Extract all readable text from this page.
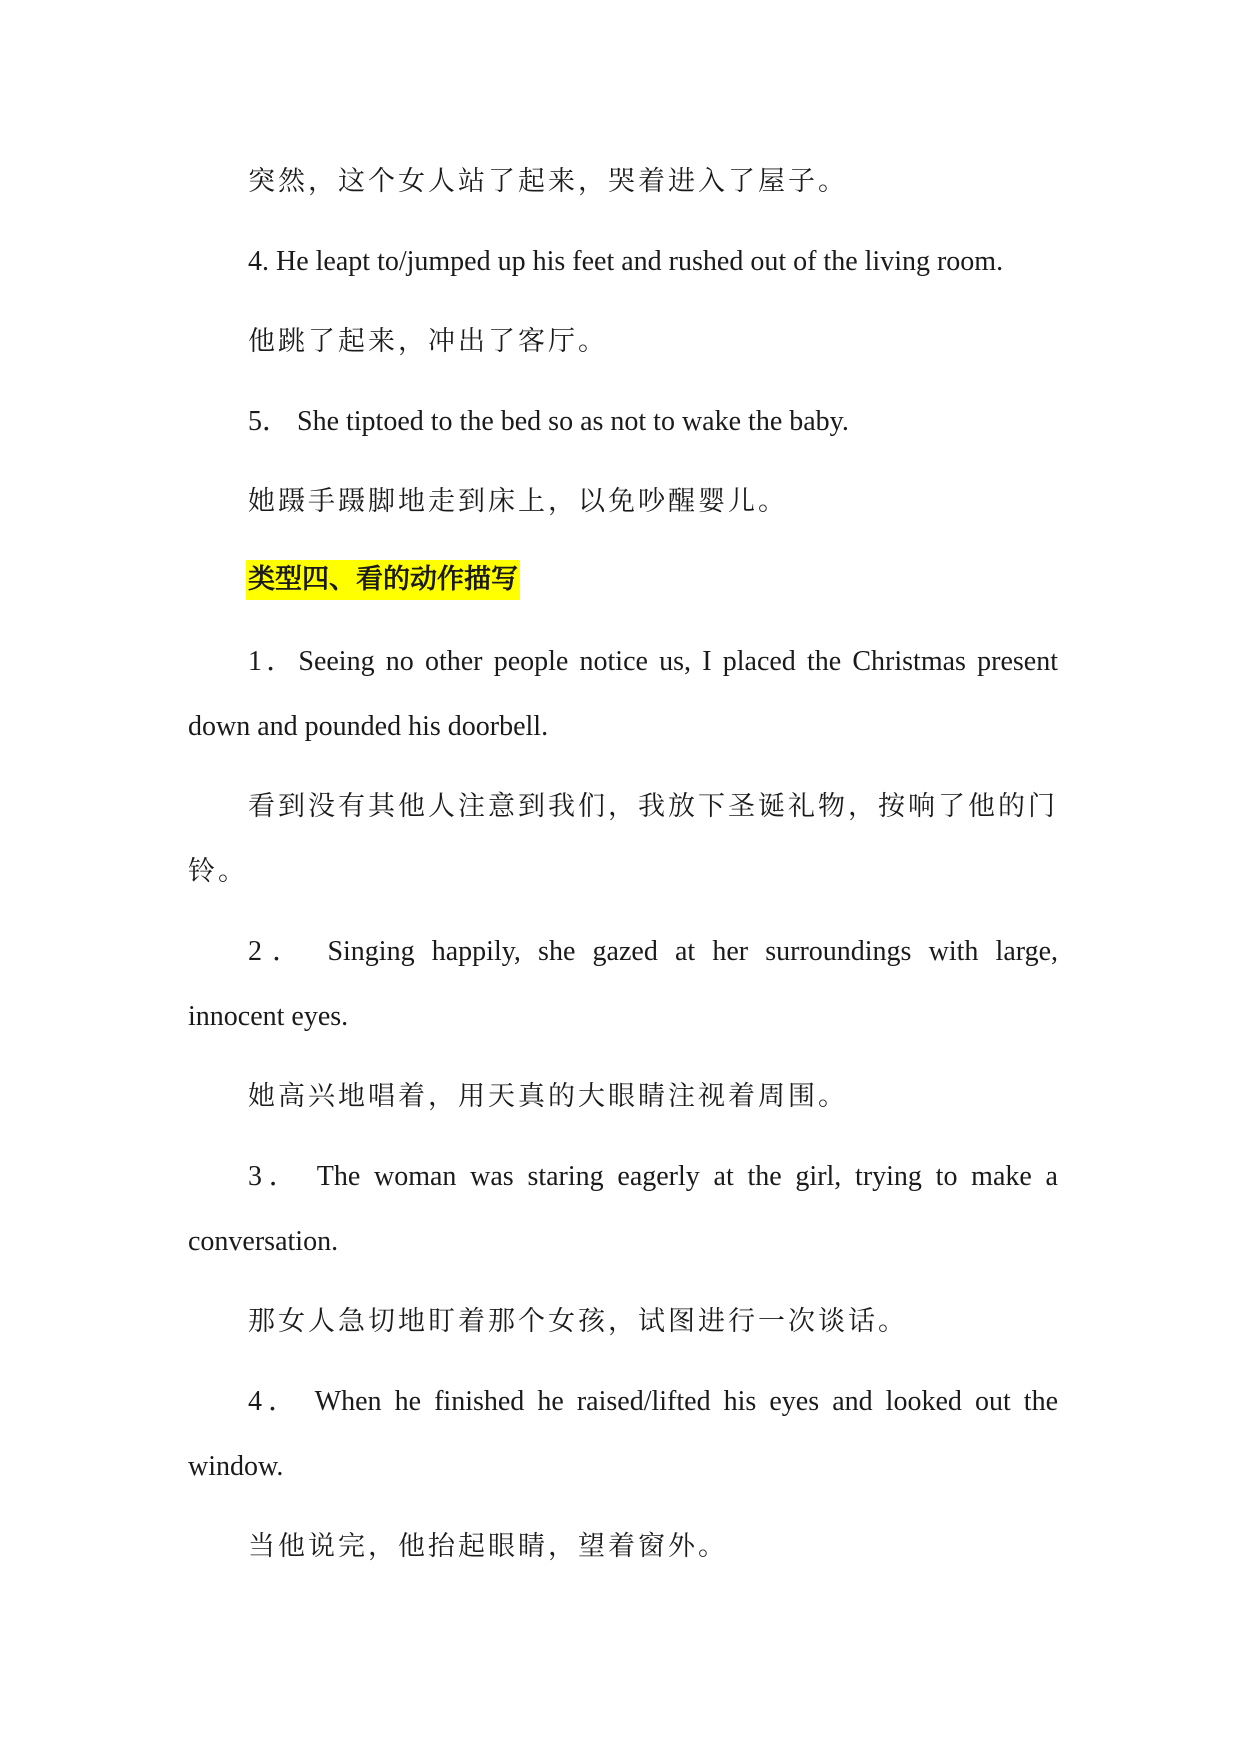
突然，这个女人站了起来，哭着进入了屋子。
4. He leapt to/jumped up his feet and rushed out of the living room.
他跳了起来，冲出了客厅。
5． She tiptoed to the bed so as not to wake the baby.
她蹑手蹑脚地走到床上，以免吵醒婴儿。
类型四、看的动作描写
1．Seeing no other people notice us, I placed the Christmas present
down and pounded his doorbell.
看到没有其他人注意到我们，我放下圣诞礼物，按响了他的门
铃。
2． Singing happily, she gazed at her surroundings with large,
innocent eyes.
她高兴地唱着，用天真的大眼睛注视着周围。
3． The woman was staring eagerly at the girl, trying to make a
conversation.
那女人急切地盯着那个女孩，试图进行一次谈话。
4． When he finished he raised/lifted his eyes and looked out the
window.
当他说完，他抬起眼睛，望着窗外。
